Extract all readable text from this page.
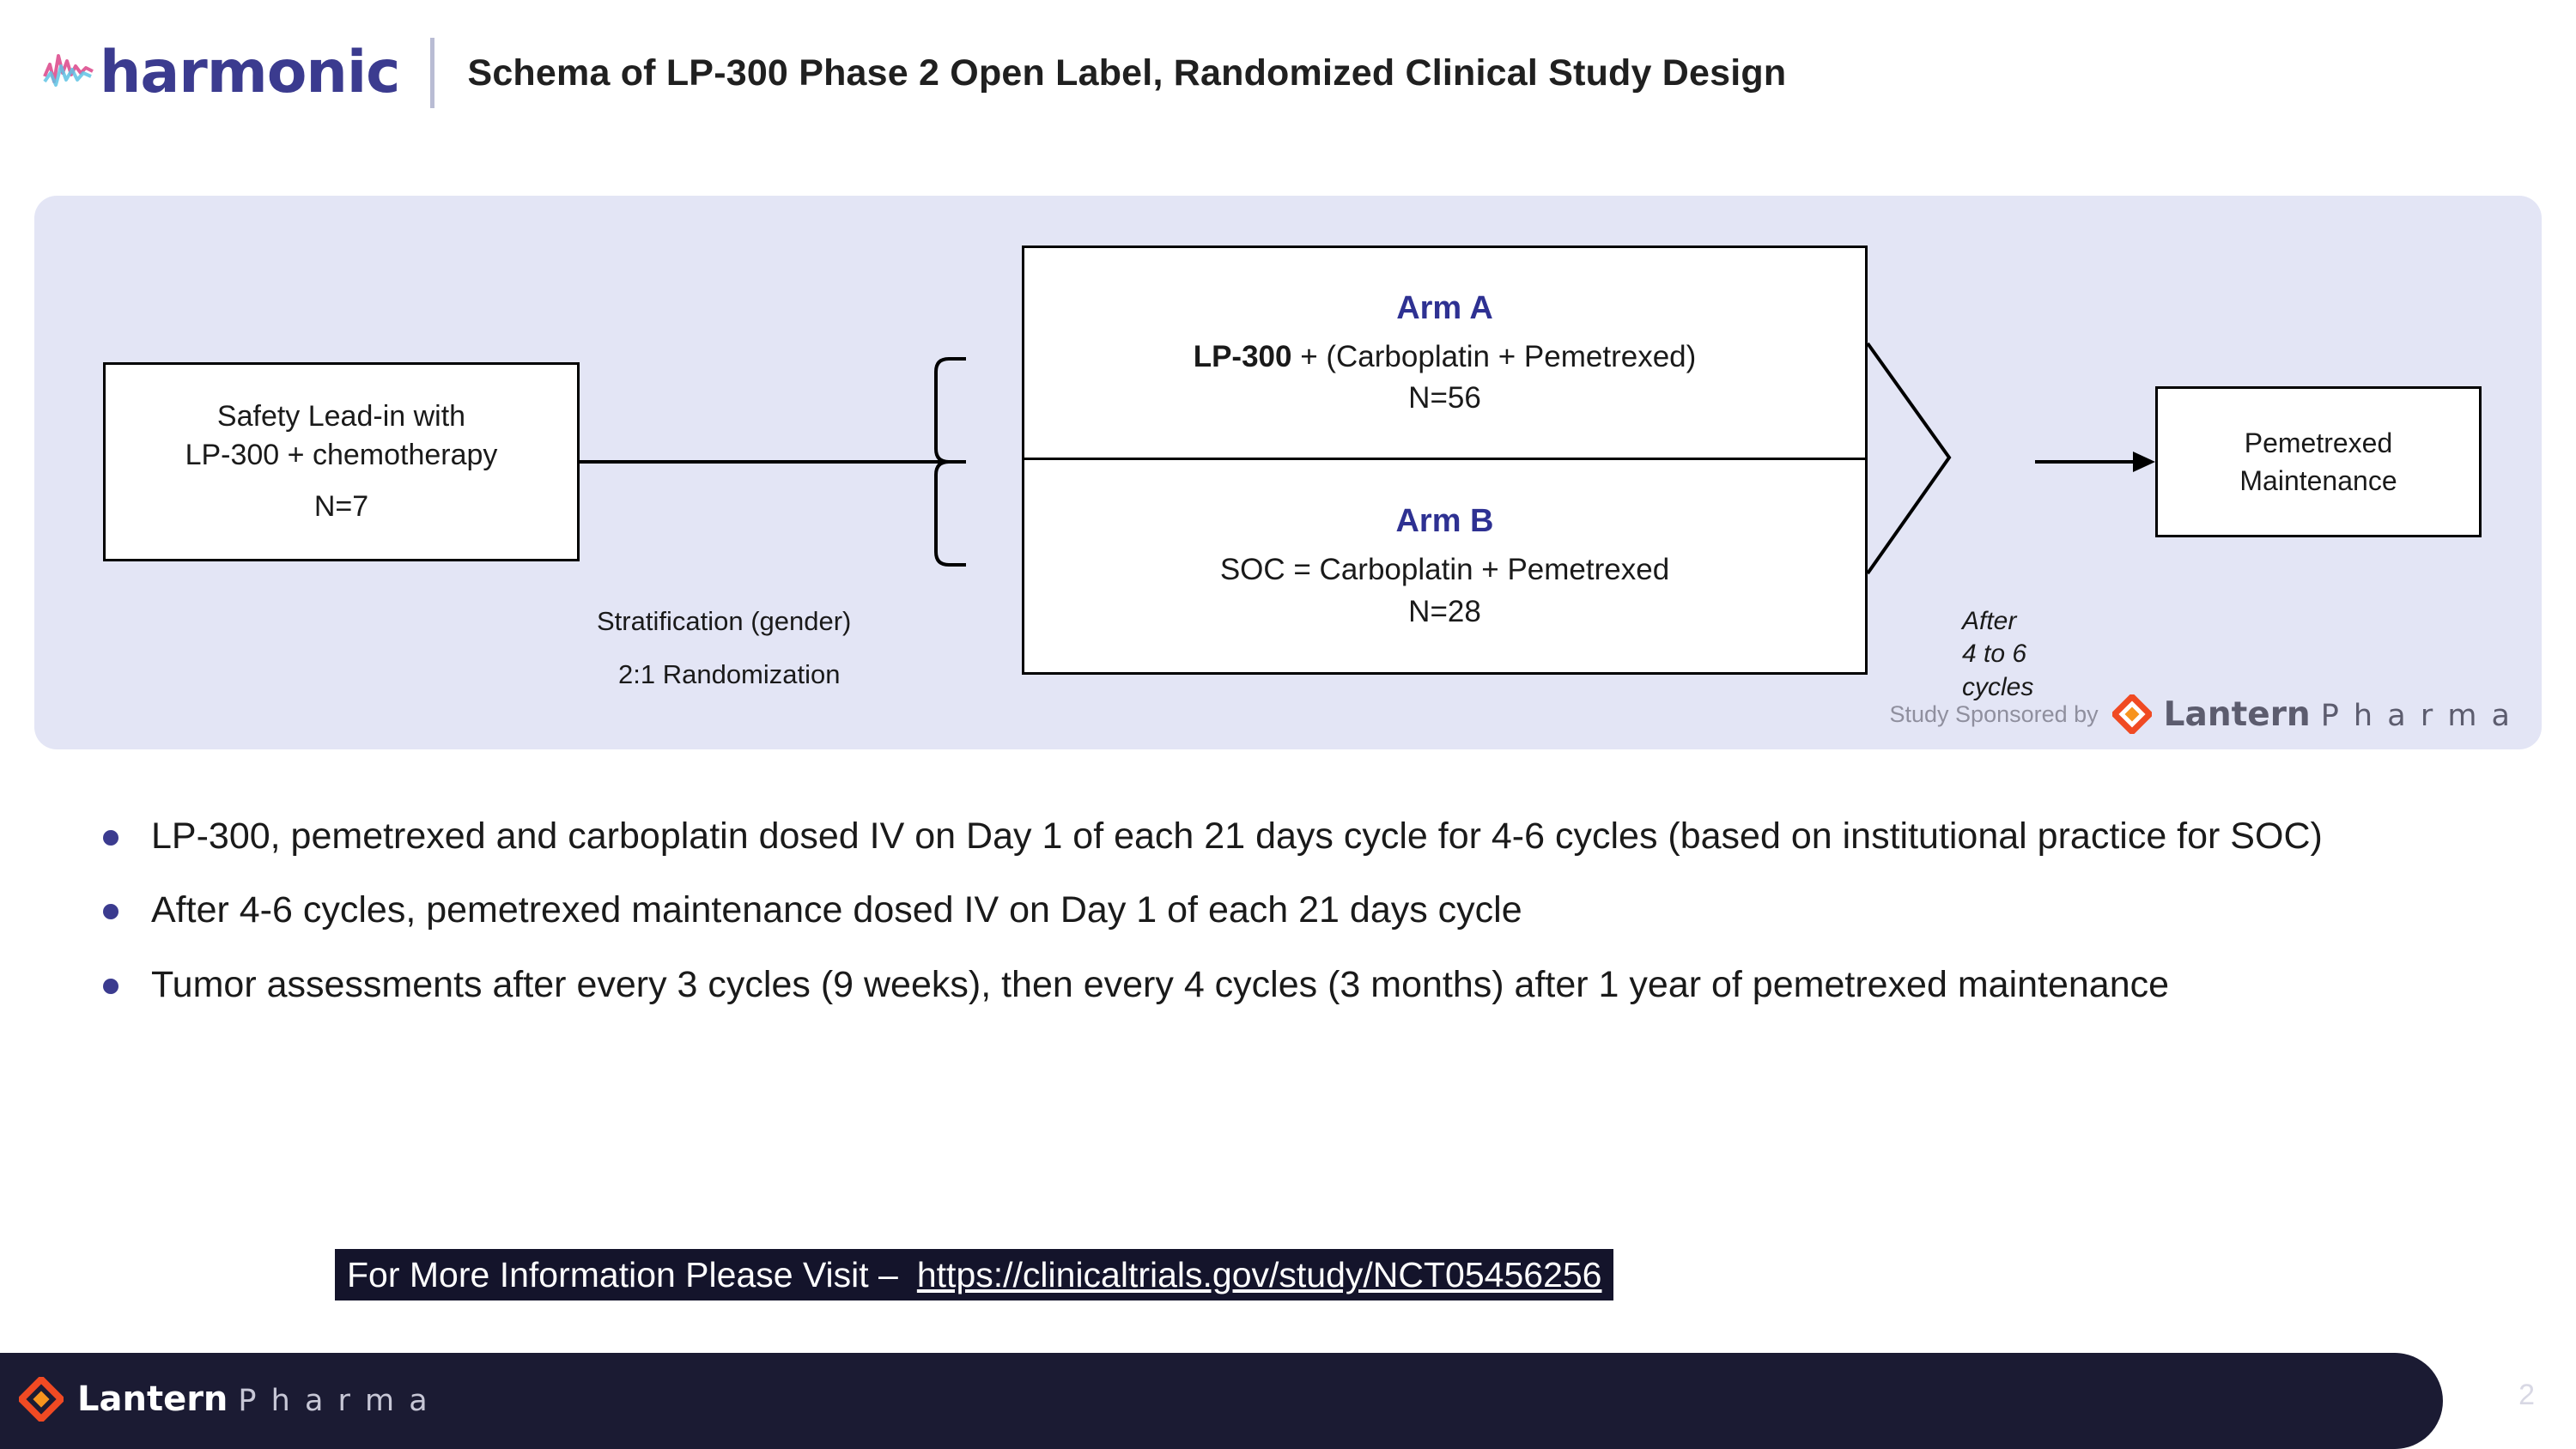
harmonic Schema of LP-300 Phase 2 Open Label, Randomized Clinical Study Design
Safety Lead-in with
LP-300 + chemotherapy
N=7
Stratification (gender)
2:1 Randomization
Arm A
LP-300 + (Carboplatin + Pemetrexed)
N=56
Arm B
SOC = Carboplatin + Pemetrexed
N=28	After
4 to 6
cycles
Pemetrexed
Maintenance
Study Sponsored by Lantern P h a r m a
LP-300, pemetrexed and carboplatin dosed IV on Day 1 of each 21 days cycle for 4-6 cycles (based on institutional practice for SOC)
After 4-6 cycles, pemetrexed maintenance dosed IV on Day 1 of each 21 days cycle
Tumor assessments after every 3 cycles (9 weeks), then every 4 cycles (3 months) after 1 year of pemetrexed maintenance
For More Information Please Visit – https://clinicaltrials.gov/study/NCT05456256
Lantern P h a r m a	2
